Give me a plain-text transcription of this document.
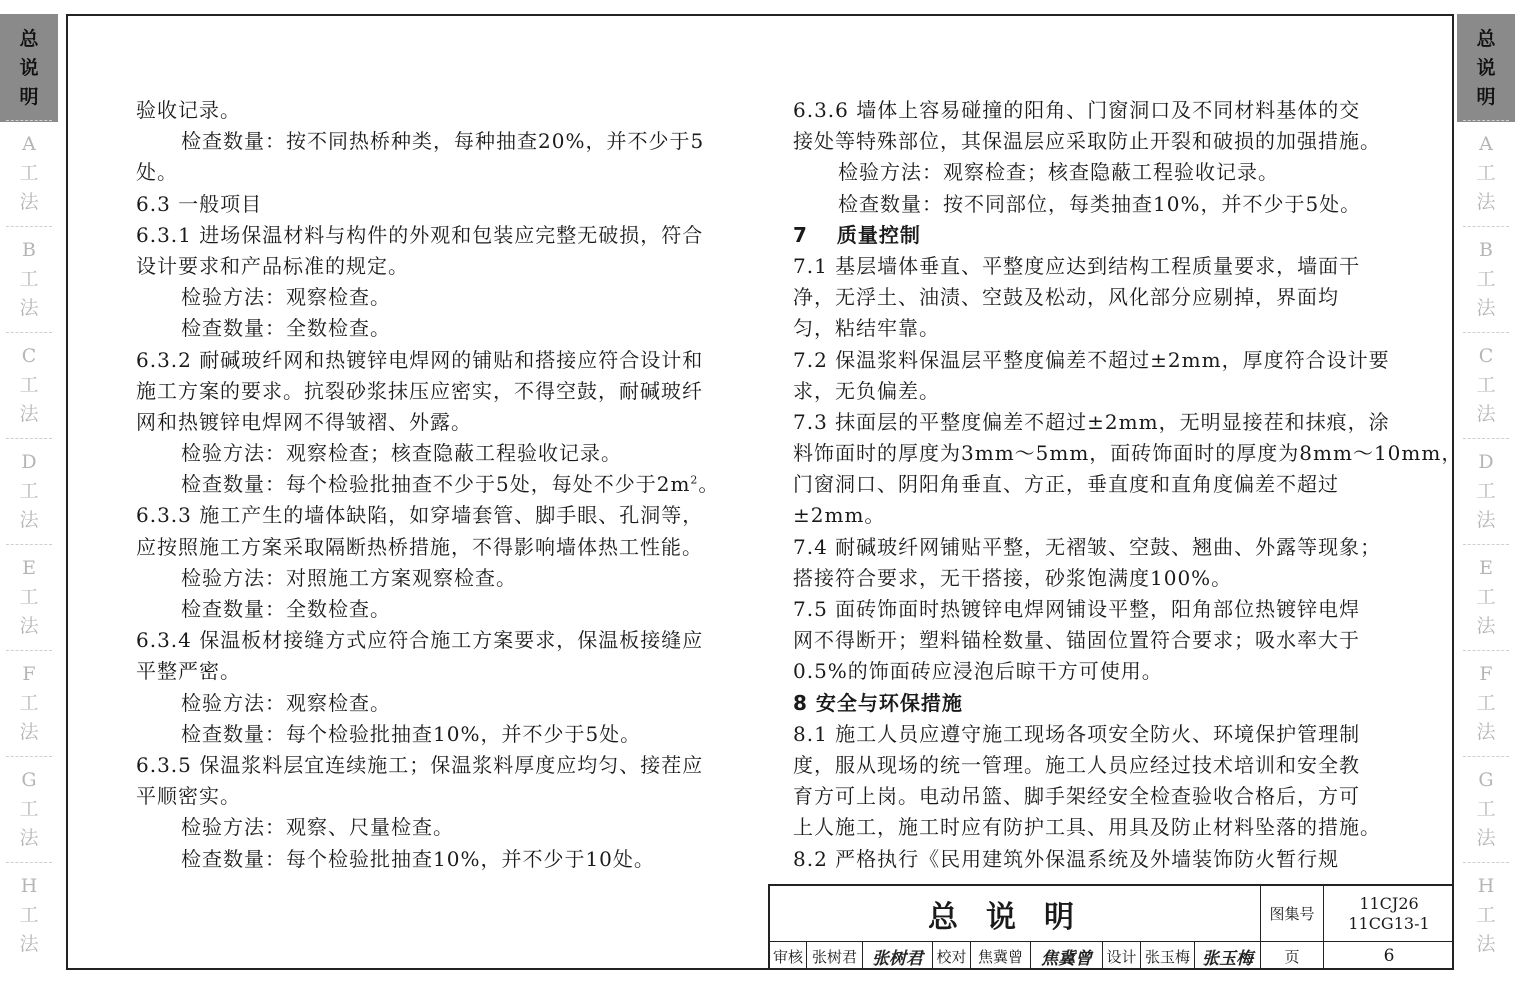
总
说
明
A
工
法
B
工
法
C
工
法
D
工
法
E
工
法
F
工
法
G
工
法
H
工
法
总
说
明
A
工
法
B
工
法
C
工
法
D
工
法
E
工
法
F
工
法
G
工
法
H
工
法
验收记录。
检查数量：按不同热桥种类，每种抽查20%，并不少于5
处。
6.3 一般项目
6.3.1 进场保温材料与构件的外观和包装应完整无破损，符合
设计要求和产品标准的规定。
检验方法：观察检查。
检查数量：全数检查。
6.3.2 耐碱玻纤网和热镀锌电焊网的铺贴和搭接应符合设计和
施工方案的要求。抗裂砂浆抹压应密实，不得空鼓，耐碱玻纤
网和热镀锌电焊网不得皱褶、外露。
检验方法：观察检查；核查隐蔽工程验收记录。
检查数量：每个检验批抽查不少于5处，每处不少于$2m^2$。
6.3.3 施工产生的墙体缺陷，如穿墙套管、脚手眼、孔洞等，
应按照施工方案采取隔断热桥措施，不得影响墙体热工性能。
检验方法：对照施工方案观察检查。
检查数量：全数检查。
6.3.4 保温板材接缝方式应符合施工方案要求，保温板接缝应
平整严密。
检验方法：观察检查。
检查数量：每个检验批抽查10%，并不少于5处。
6.3.5 保温浆料层宜连续施工；保温浆料厚度应均匀、接茬应
平顺密实。
检验方法：观察、尺量检查。
检查数量：每个检验批抽查10%，并不少于10处。
6.3.6 墙体上容易碰撞的阳角、门窗洞口及不同材料基体的交
接处等特殊部位，其保温层应采取防止开裂和破损的加强措施。
检验方法：观察检查；核查隐蔽工程验收记录。
检查数量：按不同部位，每类抽查10%，并不少于5处。
7　 质量控制
7.1 基层墙体垂直、平整度应达到结构工程质量要求，墙面干
净，无浮土、油渍、空鼓及松动，风化部分应剔掉，界面均
匀，粘结牢靠。
7.2 保温浆料保温层平整度偏差不超过±2mm，厚度符合设计要
求，无负偏差。
7.3 抹面层的平整度偏差不超过±2mm，无明显接茬和抹痕，涂
料饰面时的厚度为3mm～5mm，面砖饰面时的厚度为8mm～10mm，
门窗洞口、阴阳角垂直、方正，垂直度和直角度偏差不超过
±2mm。
7.4 耐碱玻纤网铺贴平整，无褶皱、空鼓、翘曲、外露等现象；
搭接符合要求，无干搭接，砂浆饱满度100%。
7.5 面砖饰面时热镀锌电焊网铺设平整，阳角部位热镀锌电焊
网不得断开；塑料锚栓数量、锚固位置符合要求；吸水率大于
0.5%的饰面砖应浸泡后晾干方可使用。
8 安全与环保措施
8.1 施工人员应遵守施工现场各项安全防火、环境保护管理制
度，服从现场的统一管理。施工人员应经过技术培训和安全教
育方可上岗。电动吊篮、脚手架经安全检查验收合格后，方可
上人施工，施工时应有防护工具、用具及防止材料坠落的措施。
8.2 严格执行《民用建筑外保温系统及外墙装饰防火暂行规
总说明	图集号
11CJ26
11CG13-1
审核 张树君 张树君 校对 焦冀曾	焦冀曾 设计 张玉梅 张玉梅	页	6
